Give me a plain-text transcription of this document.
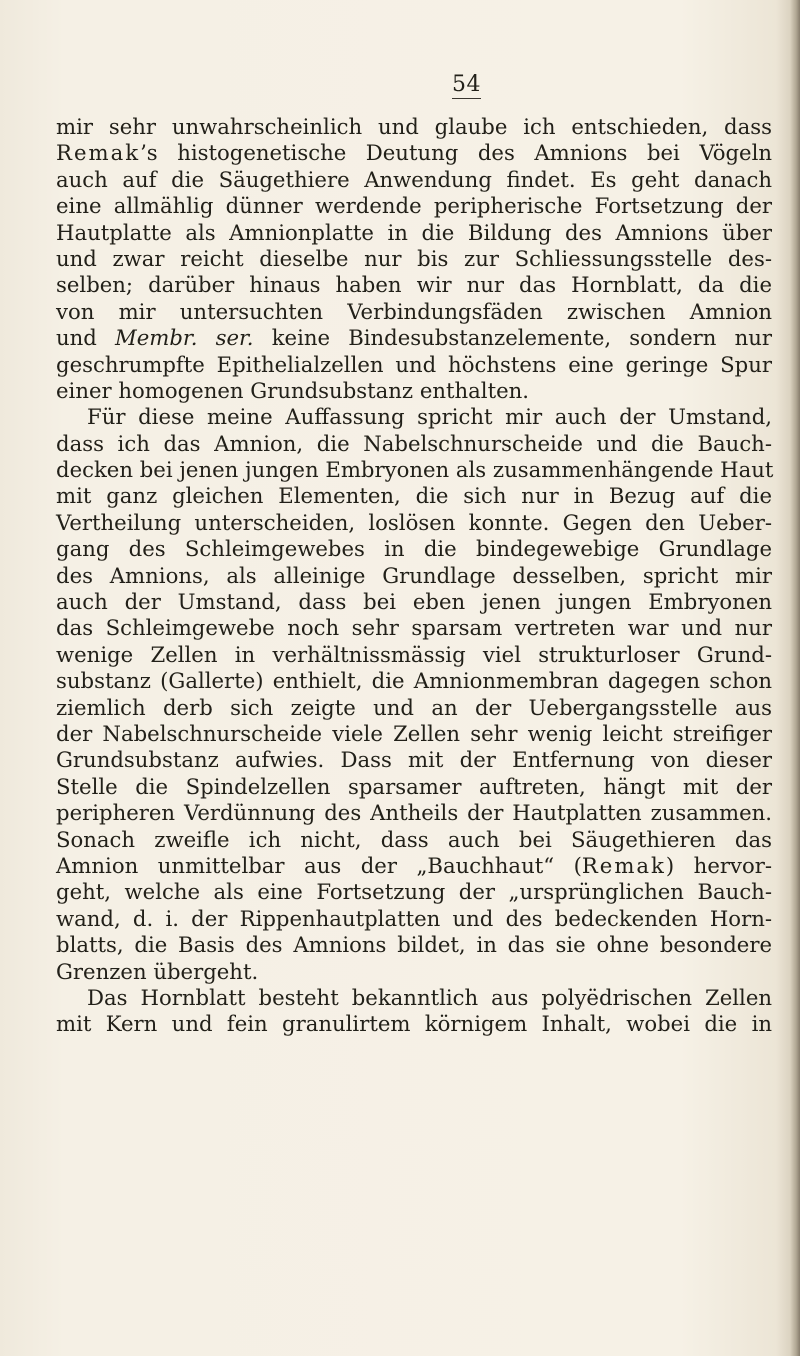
54
mir sehr unwahrscheinlich und glaube ich entschieden, dass
Remak’s histogenetische Deutung des Amnions bei Vögeln
auch auf die Säugethiere Anwendung findet. Es geht danach
eine allmählig dünner werdende peripherische Fortsetzung der
Hautplatte als Amnionplatte in die Bildung des Amnions über
und zwar reicht dieselbe nur bis zur Schliessungsstelle des-
selben; darüber hinaus haben wir nur das Hornblatt, da die
von mir untersuchten Verbindungsfäden zwischen Amnion
und Membr. ser. keine Bindesubstanzelemente, sondern nur
geschrumpfte Epithelialzellen und höchstens eine geringe Spur
einer homogenen Grundsubstanz enthalten.
Für diese meine Auffassung spricht mir auch der Umstand,
dass ich das Amnion, die Nabelschnurscheide und die Bauch-
decken bei jenen jungen Embryonen als zusammenhängende Haut
mit ganz gleichen Elementen, die sich nur in Bezug auf die
Vertheilung unterscheiden, loslösen konnte. Gegen den Ueber-
gang des Schleimgewebes in die bindegewebige Grundlage
des Amnions, als alleinige Grundlage desselben, spricht mir
auch der Umstand, dass bei eben jenen jungen Embryonen
das Schleimgewebe noch sehr sparsam vertreten war und nur
wenige Zellen in verhältnissmässig viel strukturloser Grund-
substanz (Gallerte) enthielt, die Amnionmembran dagegen schon
ziemlich derb sich zeigte und an der Uebergangsstelle aus
der Nabelschnurscheide viele Zellen sehr wenig leicht streifiger
Grundsubstanz aufwies. Dass mit der Entfernung von dieser
Stelle die Spindelzellen sparsamer auftreten, hängt mit der
peripheren Verdünnung des Antheils der Hautplatten zusammen.
Sonach zweifle ich nicht, dass auch bei Säugethieren das
Amnion unmittelbar aus der „Bauchhaut“ (Remak) hervor-
geht, welche als eine Fortsetzung der „ursprünglichen Bauch-
wand, d. i. der Rippenhautplatten und des bedeckenden Horn-
blatts, die Basis des Amnions bildet, in das sie ohne besondere
Grenzen übergeht.
Das Hornblatt besteht bekanntlich aus polyëdrischen Zellen
mit Kern und fein granulirtem körnigem Inhalt, wobei die in
